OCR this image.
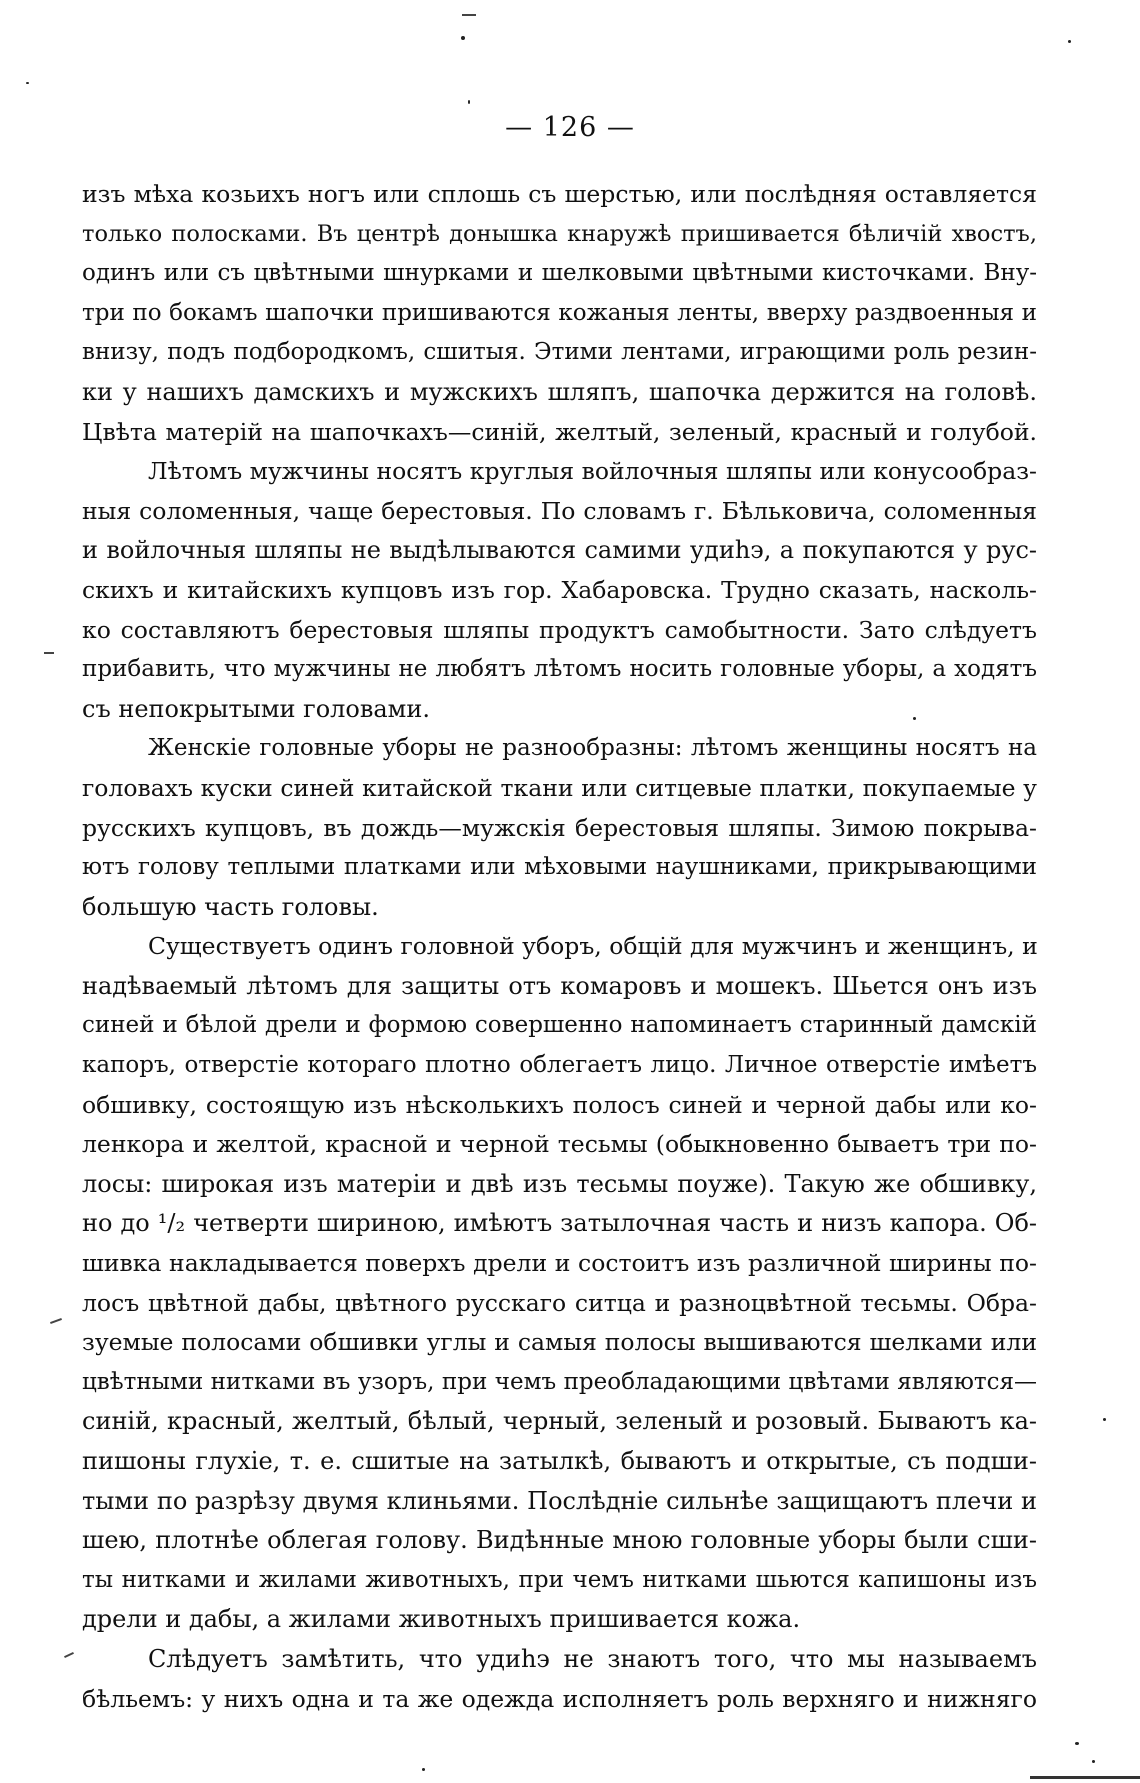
— 126 —
изъ мѣха козьихъ ногъ или сплошь съ шерстью, или послѣдняя оставляется
только полосками. Въ центрѣ донышка кнаружѣ пришивается бѣличій хвостъ,
одинъ или съ цвѣтными шнурками и шелковыми цвѣтными кисточками. Вну-
три по бокамъ шапочки пришиваются кожаныя ленты, вверху раздвоенныя и
внизу, подъ подбородкомъ, сшитыя. Этими лентами, играющими роль резин-
ки у нашихъ дамскихъ и мужскихъ шляпъ, шапочка держится на головѣ.
Цвѣта матерій на шапочкахъ—синій, желтый, зеленый, красный и голубой.
Лѣтомъ мужчины носятъ круглыя войлочныя шляпы или конусообраз-
ныя соломенныя, чаще берестовыя. По словамъ г. Бѣльковича, соломенныя
и войлочныя шляпы не выдѣлываются самими удиһэ, а покупаются у рус-
скихъ и китайскихъ купцовъ изъ гор. Хабаровска. Трудно сказать, насколь-
ко составляютъ берестовыя шляпы продуктъ самобытности. Зато слѣдуетъ
прибавить, что мужчины не любятъ лѣтомъ носить головные уборы, а ходятъ
съ непокрытыми головами.
Женскіе головные уборы не разнообразны: лѣтомъ женщины носятъ на
головахъ куски синей китайской ткани или ситцевые платки, покупаемые у
русскихъ купцовъ, въ дождь—мужскія берестовыя шляпы. Зимою покрыва-
ютъ голову теплыми платками или мѣховыми наушниками, прикрывающими
большую часть головы.
Существуетъ одинъ головной уборъ, общій для мужчинъ и женщинъ, и
надѣваемый лѣтомъ для защиты отъ комаровъ и мошекъ. Шьется онъ изъ
синей и бѣлой дрели и формою совершенно напоминаетъ старинный дамскій
капоръ, отверстіе котораго плотно облегаетъ лицо. Личное отверстіе имѣетъ
обшивку, состоящую изъ нѣсколькихъ полосъ синей и черной дабы или ко-
ленкора и желтой, красной и черной тесьмы (обыкновенно бываетъ три по-
лосы: широкая изъ матеріи и двѣ изъ тесьмы поуже). Такую же обшивку,
но до ¹/₂ четверти шириною, имѣютъ затылочная часть и низъ капора. Об-
шивка накладывается поверхъ дрели и состоитъ изъ различной ширины по-
лосъ цвѣтной дабы, цвѣтного русскаго ситца и разноцвѣтной тесьмы. Обра-
зуемые полосами обшивки углы и самыя полосы вышиваются шелками или
цвѣтными нитками въ узоръ, при чемъ преобладающими цвѣтами являются—
синій, красный, желтый, бѣлый, черный, зеленый и розовый. Бываютъ ка-
пишоны глухіе, т. е. сшитые на затылкѣ, бываютъ и открытые, съ подши-
тыми по разрѣзу двумя клиньями. Послѣдніе сильнѣе защищаютъ плечи и
шею, плотнѣе облегая голову. Видѣнные мною головные уборы были сши-
ты нитками и жилами животныхъ, при чемъ нитками шьются капишоны изъ
дрели и дабы, а жилами животныхъ пришивается кожа.
Слѣдуетъ замѣтить, что удиһэ не знаютъ того, что мы называемъ
бѣльемъ: у нихъ одна и та же одежда исполняетъ роль верхняго и нижняго
